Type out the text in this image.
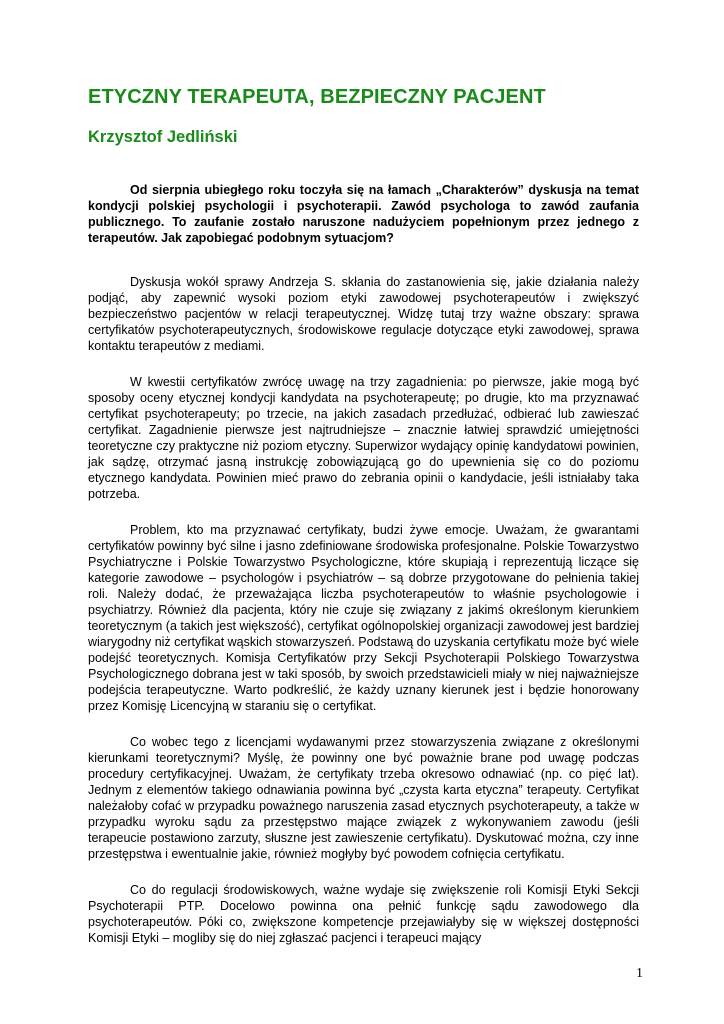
ETYCZNY TERAPEUTA, BEZPIECZNY PACJENT
Krzysztof Jedliński

Od sierpnia ubiegłego roku toczyła się na łamach „Charakterów” dyskusja na temat kondycji polskiej psychologii i psychoterapii. Zawód psychologa to zawód zaufania publicznego. To zaufanie zostało naruszone nadużyciem popełnionym przez jednego z terapeutów. Jak zapobiegać podobnym sytuacjom?

Dyskusja wokół sprawy Andrzeja S. skłania do zastanowienia się, jakie działania należy podjąć, aby zapewnić wysoki poziom etyki zawodowej psychoterapeutów i zwiększyć bezpieczeństwo pacjentów w relacji terapeutycznej. Widzę tutaj trzy ważne obszary: sprawa certyfikatów psychoterapeutycznych, środowiskowe regulacje dotyczące etyki zawodowej, sprawa kontaktu terapeutów z mediami.

W kwestii certyfikatów zwrócę uwagę na trzy zagadnienia: po pierwsze, jakie mogą być sposoby oceny etycznej kondycji kandydata na psychoterapeutę; po drugie, kto ma przyznawać certyfikat psychoterapeuty; po trzecie, na jakich zasadach przedłużać, odbierać lub zawieszać certyfikat. Zagadnienie pierwsze jest najtrudniejsze – znacznie łatwiej sprawdzić umiejętności teoretyczne czy praktyczne niż poziom etyczny. Superwizor wydający opinię kandydatowi powinien, jak sądzę, otrzymać jasną instrukcję zobowiązującą go do upewnienia się co do poziomu etycznego kandydata. Powinien mieć prawo do zebrania opinii o kandydacie, jeśli istniałaby taka potrzeba.

Problem, kto ma przyznawać certyfikaty, budzi żywe emocje. Uważam, że gwarantami certyfikatów powinny być silne i jasno zdefiniowane środowiska profesjonalne. Polskie Towarzystwo Psychiatryczne i Polskie Towarzystwo Psychologiczne, które skupiają i reprezentują liczące się kategorie zawodowe – psychologów i psychiatrów – są dobrze przygotowane do pełnienia takiej roli. Należy dodać, że przeważająca liczba psychoterapeutów to właśnie psychologowie i psychiatrzy. Również dla pacjenta, który nie czuje się związany z jakimś określonym kierunkiem teoretycznym (a takich jest większość), certyfikat ogólnopolskiej organizacji zawodowej jest bardziej wiarygodny niż certyfikat wąskich stowarzyszeń. Podstawą do uzyskania certyfikatu może być wiele podejść teoretycznych. Komisja Certyfikatów przy Sekcji Psychoterapii Polskiego Towarzystwa Psychologicznego dobrana jest w taki sposób, by swoich przedstawicieli miały w niej najważniejsze podejścia terapeutyczne. Warto podkreślić, że każdy uznany kierunek jest i będzie honorowany przez Komisję Licencyjną w staraniu się o certyfikat.

Co wobec tego z licencjami wydawanymi przez stowarzyszenia związane z określonymi kierunkami teoretycznymi? Myślę, że powinny one być poważnie brane pod uwagę podczas procedury certyfikacyjnej. Uważam, że certyfikaty trzeba okresowo odnawiać (np. co pięć lat). Jednym z elementów takiego odnawiania powinna być „czysta karta etyczna” terapeuty. Certyfikat należałoby cofać w przypadku poważnego naruszenia zasad etycznych psychoterapeuty, a także w przypadku wyroku sądu za przestępstwo mające związek z wykonywaniem zawodu (jeśli terapeucie postawiono zarzuty, słuszne jest zawieszenie certyfikatu). Dyskutować można, czy inne przestępstwa i ewentualnie jakie, również mogłyby być powodem cofnięcia certyfikatu.

Co do regulacji środowiskowych, ważne wydaje się zwiększenie roli Komisji Etyki Sekcji Psychoterapii PTP. Docelowo powinna ona pełnić funkcję sądu zawodowego dla psychoterapeutów. Póki co, zwiększone kompetencje przejawiałyby się w większej dostępności Komisji Etyki – mogliby się do niej zgłaszać pacjenci i terapeuci mający

1
